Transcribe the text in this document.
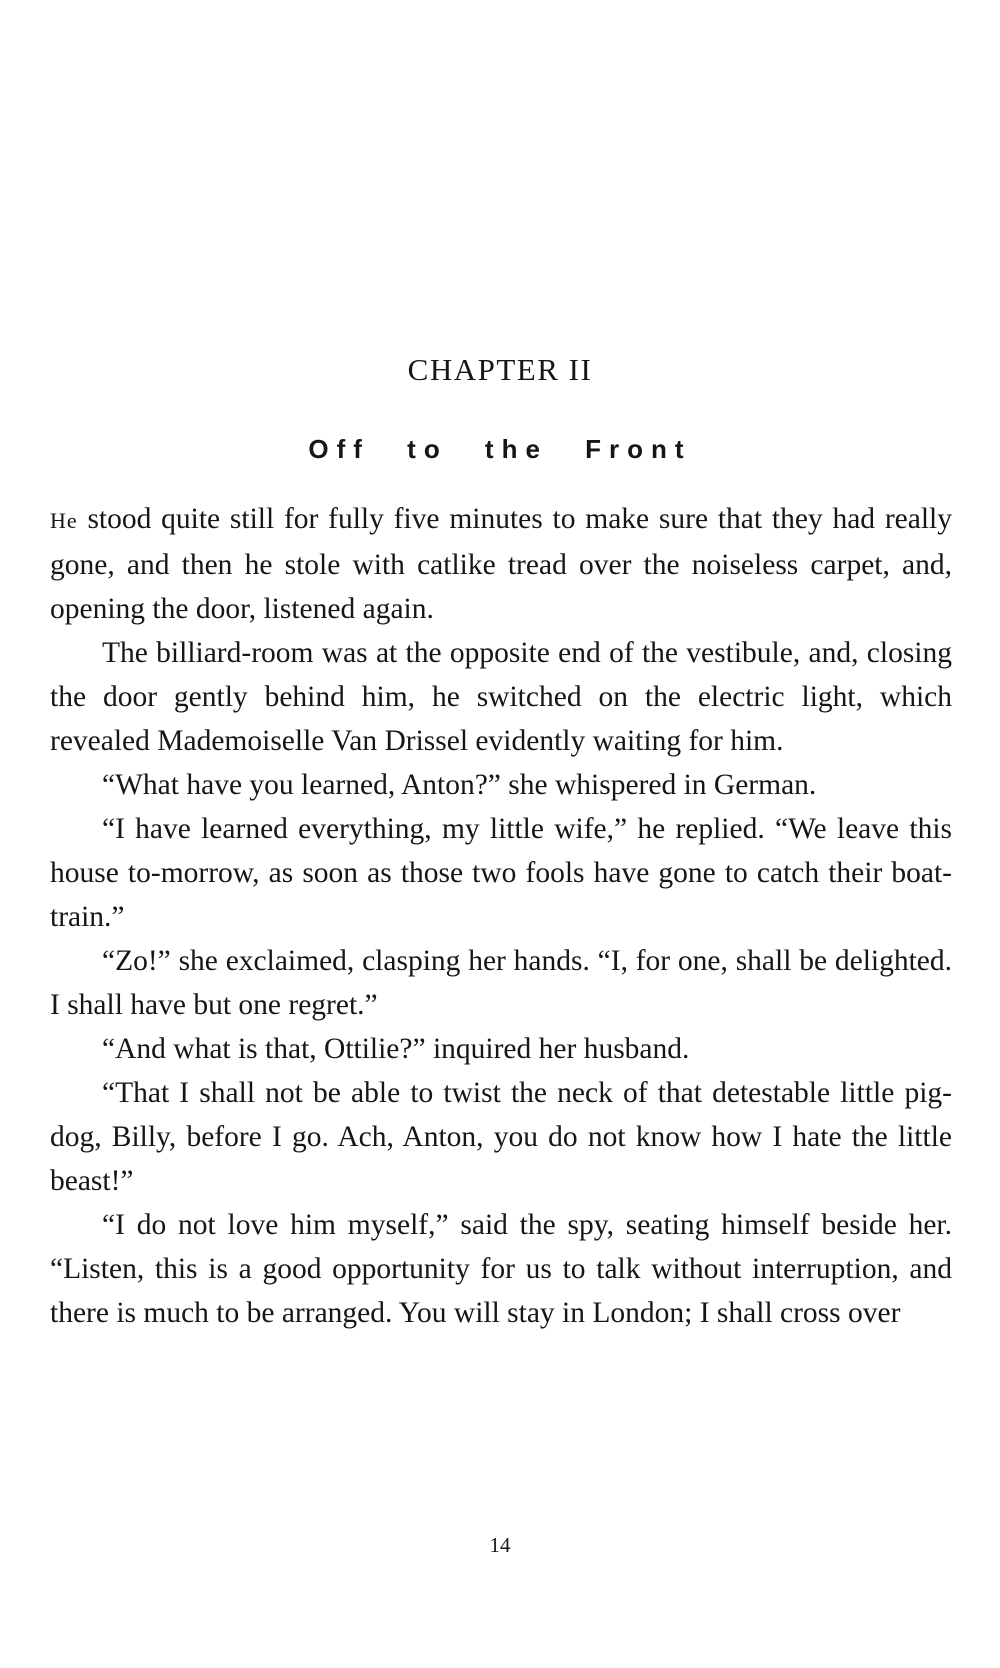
CHAPTER II
Off to the Front

He stood quite still for fully five minutes to make sure that they had really gone, and then he stole with catlike tread over the noiseless carpet, and, opening the door, listened again.

The billiard-room was at the opposite end of the vestibule, and, closing the door gently behind him, he switched on the electric light, which revealed Mademoiselle Van Drissel evidently waiting for him.

“What have you learned, Anton?” she whispered in German.

“I have learned everything, my little wife,” he replied. “We leave this house to-morrow, as soon as those two fools have gone to catch their boat-train.”

“Zo!” she exclaimed, clasping her hands. “I, for one, shall be delighted. I shall have but one regret.”

“And what is that, Ottilie?” inquired her husband.

“That I shall not be able to twist the neck of that detestable little pig-dog, Billy, before I go. Ach, Anton, you do not know how I hate the little beast!”

“I do not love him myself,” said the spy, seating himself beside her. “Listen, this is a good opportunity for us to talk without interruption, and there is much to be arranged. You will stay in London; I shall cross over

14
